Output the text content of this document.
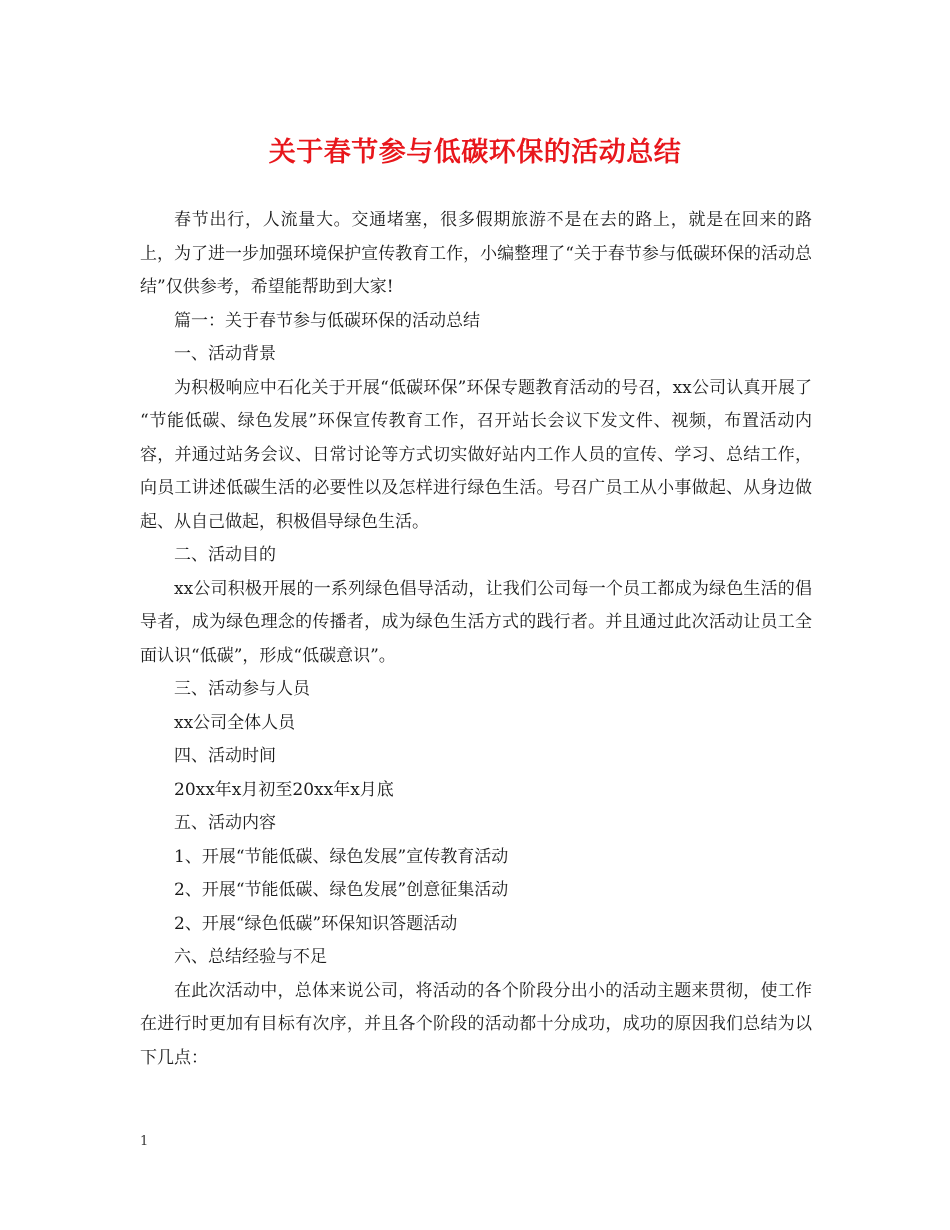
关于春节参与低碳环保的活动总结

春节出行，人流量大。交通堵塞，很多假期旅游不是在去的路上，就是在回来的路上，为了进一步加强环境保护宣传教育工作，小编整理了“关于春节参与低碳环保的活动总结”仅供参考，希望能帮助到大家!

篇一：关于春节参与低碳环保的活动总结

一、活动背景

为积极响应中石化关于开展“低碳环保”环保专题教育活动的号召，xx公司认真开展了 “节能低碳、绿色发展”环保宣传教育工作，召开站长会议下发文件、视频，布置活动内容，并通过站务会议、日常讨论等方式切实做好站内工作人员的宣传、学习、总结工作，向员工讲述低碳生活的必要性以及怎样进行绿色生活。号召广员工从小事做起、从身边做起、从自己做起，积极倡导绿色生活。

二、活动目的

xx公司积极开展的一系列绿色倡导活动，让我们公司每一个员工都成为绿色生活的倡导者，成为绿色理念的传播者，成为绿色生活方式的践行者。并且通过此次活动让员工全面认识“低碳”，形成“低碳意识”。

三、活动参与人员

xx公司全体人员

四、活动时间

20xx年x月初至20xx年x月底

五、活动内容

1、开展“节能低碳、绿色发展”宣传教育活动

2、开展“节能低碳、绿色发展”创意征集活动

2、开展“绿色低碳”环保知识答题活动

六、总结经验与不足

在此次活动中，总体来说公司，将活动的各个阶段分出小的活动主题来贯彻，使工作在进行时更加有目标有次序，并且各个阶段的活动都十分成功，成功的原因我们总结为以下几点：

1
